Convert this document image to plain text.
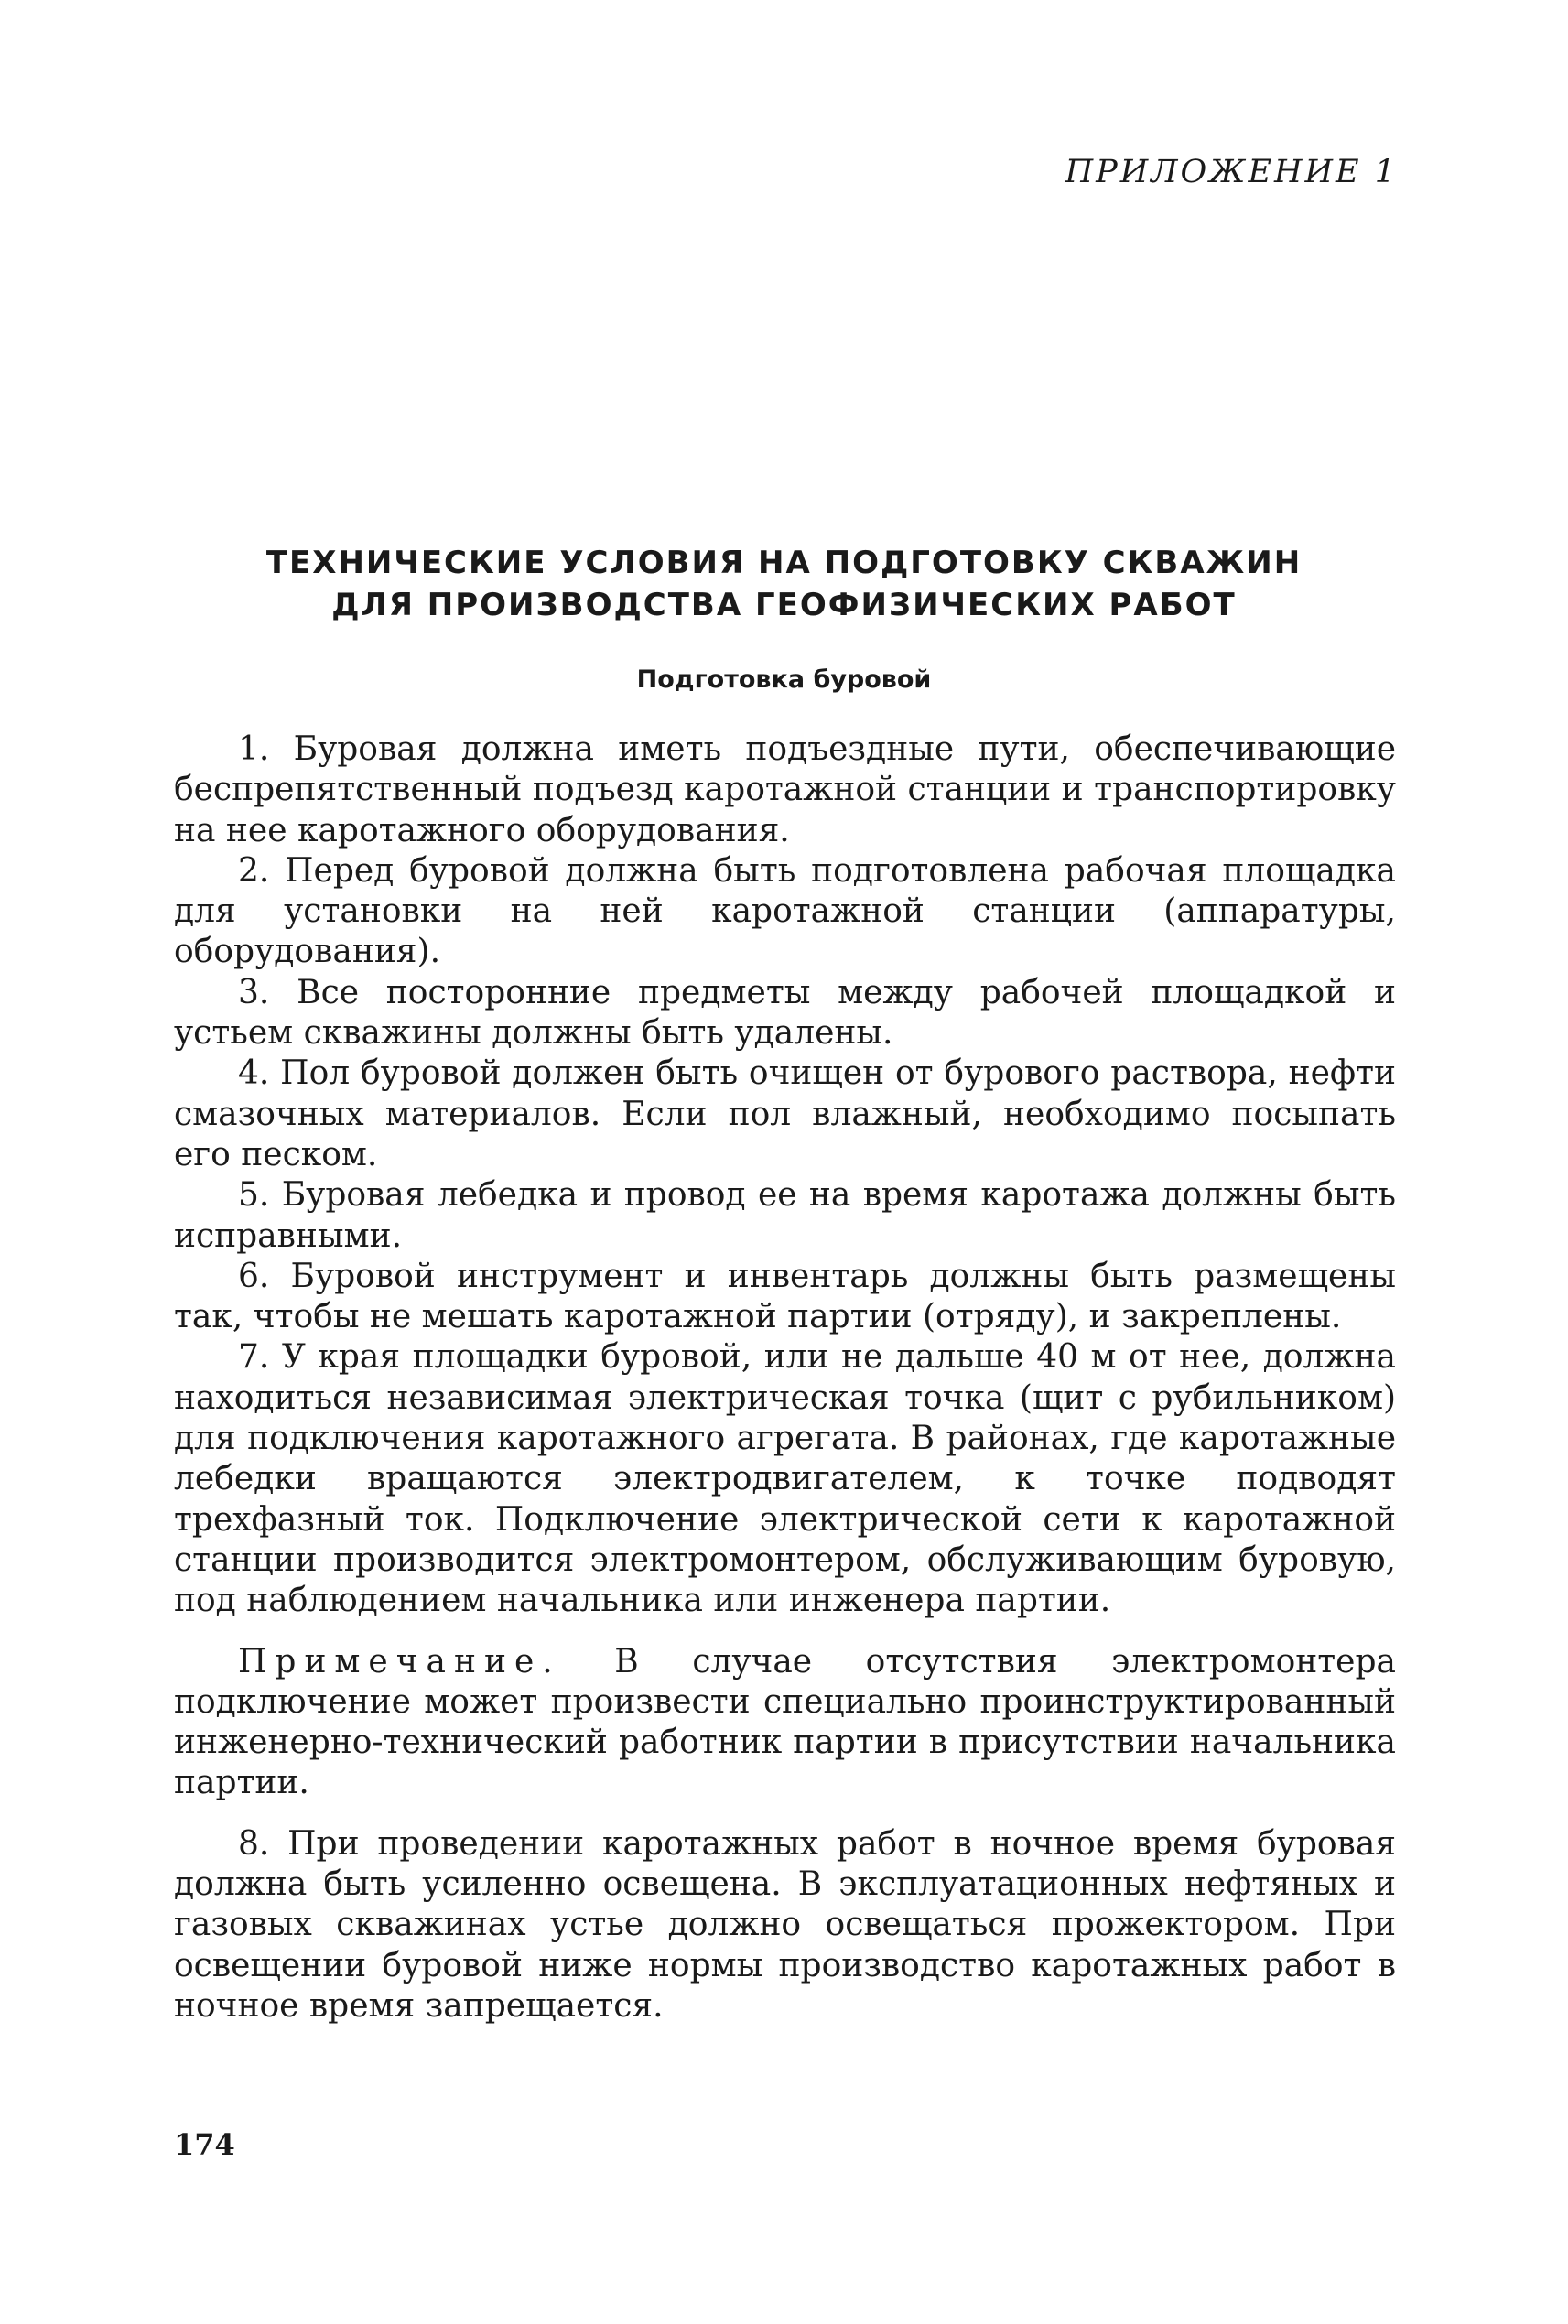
ПРИЛОЖЕНИЕ 1
ТЕХНИЧЕСКИЕ УСЛОВИЯ НА ПОДГОТОВКУ СКВАЖИН
ДЛЯ ПРОИЗВОДСТВА ГЕОФИЗИЧЕСКИХ РАБОТ
Подготовка буровой

1. Буровая должна иметь подъездные пути, обеспечивающие беспрепятственный подъезд каротажной станции и транспортировку на нее каротажного оборудования.

2. Перед буровой должна быть подготовлена рабочая площадка для установки на ней каротажной станции (аппаратуры, оборудования).

3. Все посторонние предметы между рабочей площадкой и устьем скважины должны быть удалены.

4. Пол буровой должен быть очищен от бурового раствора, нефти смазочных материалов. Если пол влажный, необходимо посыпать его песком.

5. Буровая лебедка и провод ее на время каротажа должны быть исправными.

6. Буровой инструмент и инвентарь должны быть размещены так, чтобы не мешать каротажной партии (отряду), и закреплены.

7. У края площадки буровой, или не дальше 40 м от нее, должна находиться независимая электрическая точка (щит с рубильником) для подключения каротажного агрегата. В районах, где каротажные лебедки вращаются электродвигателем, к точке подводят трехфазный ток. Подключение электрической сети к каротажной станции производится электромонтером, обслуживающим буровую, под наблюдением начальника или инженера партии.

Примечание. В случае отсутствия электромонтера подключение может произвести специально проинструктированный инженерно-технический работник партии в присутствии начальника партии.

8. При проведении каротажных работ в ночное время буровая должна быть усиленно освещена. В эксплуатационных нефтяных и газовых скважинах устье должно освещаться прожектором. При освещении буровой ниже нормы производство каротажных работ в ночное время запрещается.

174
